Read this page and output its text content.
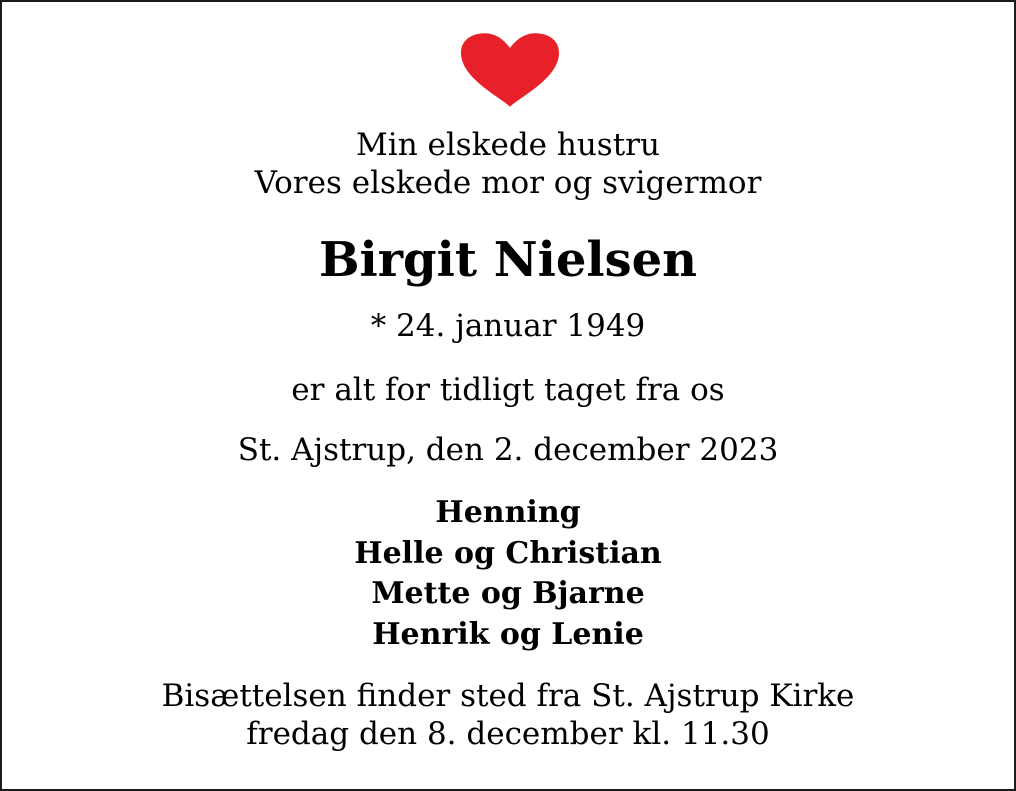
Min elskede hustru
Vores elskede mor og svigermor
Birgit Nielsen
* 24. januar 1949
er alt for tidligt taget fra os
St. Ajstrup, den 2. december 2023
Henning
Helle og Christian
Mette og Bjarne
Henrik og Lenie
Bisættelsen finder sted fra St. Ajstrup Kirke
fredag den 8. december kl. 11.30
